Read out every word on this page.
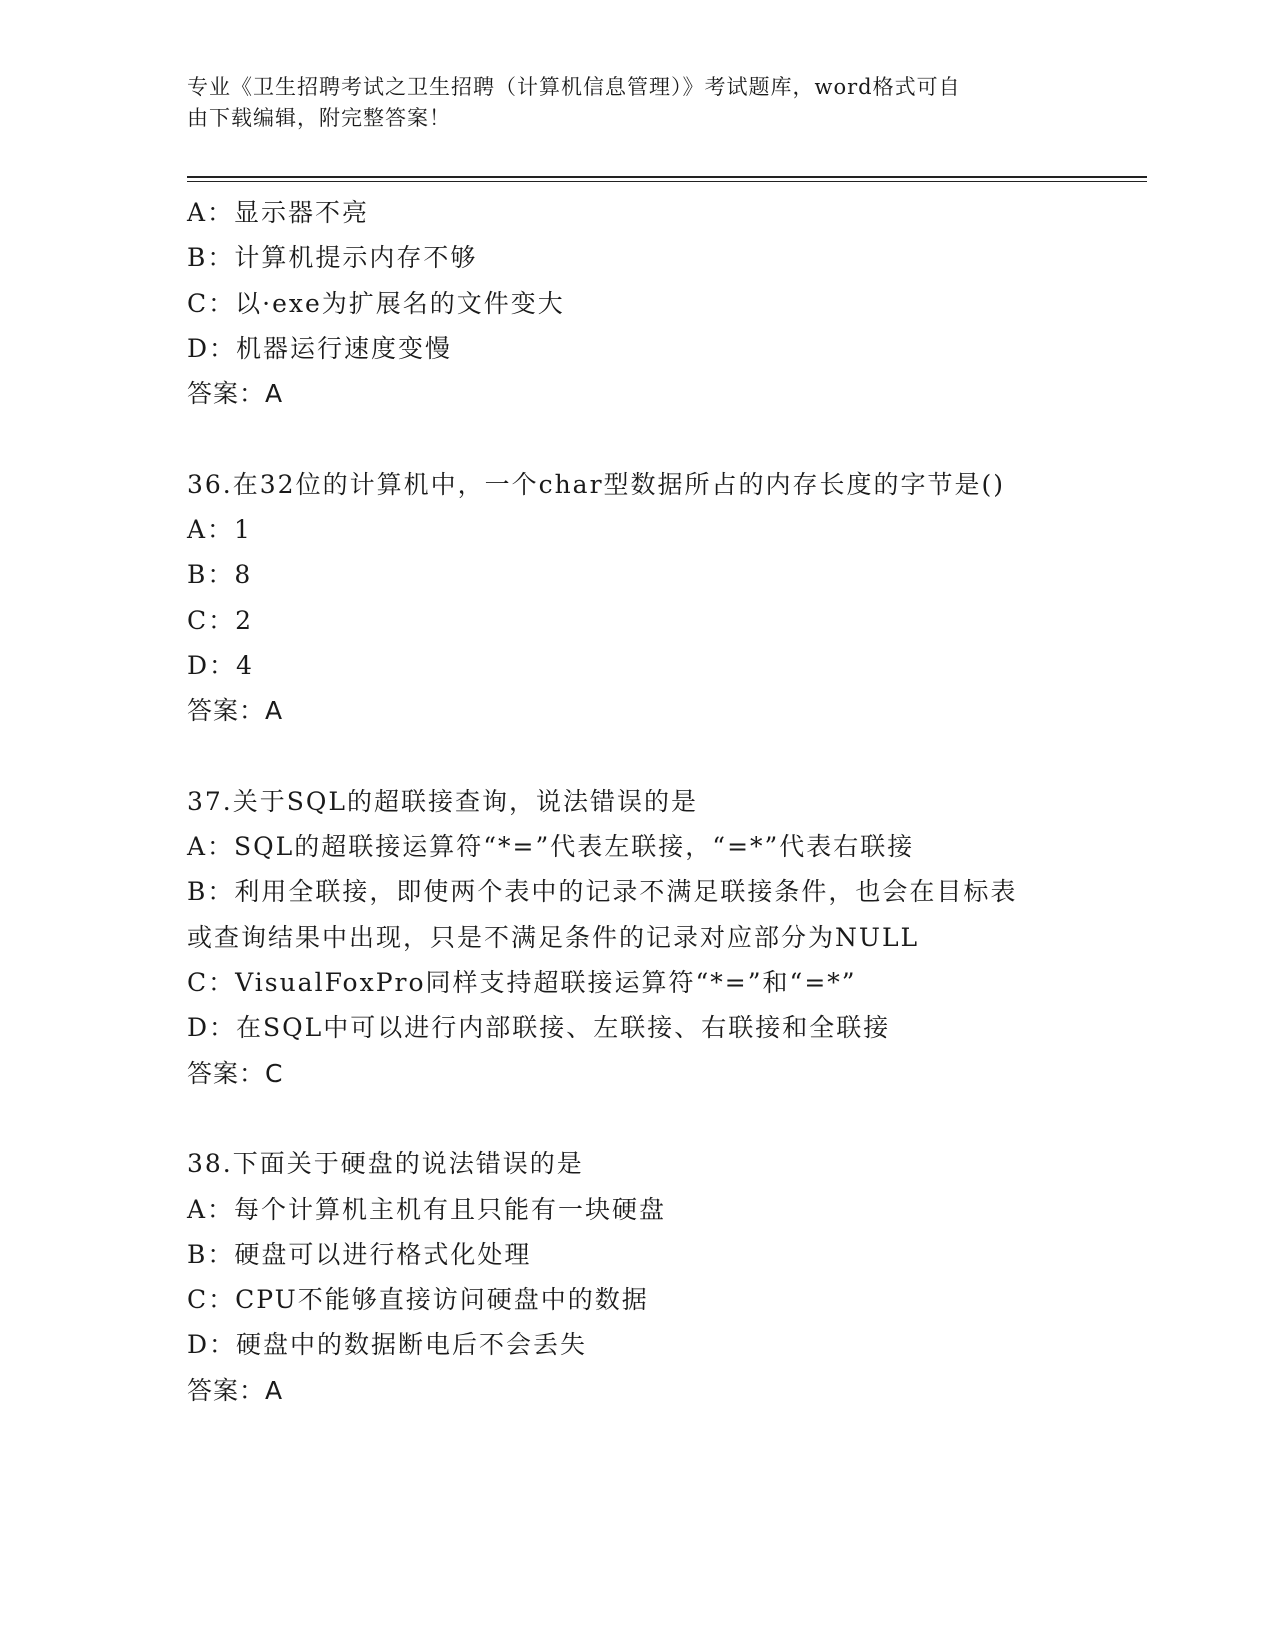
专业《卫生招聘考试之卫生招聘（计算机信息管理）》考试题库，word格式可自
由下载编辑，附完整答案！
A：显示器不亮
B：计算机提示内存不够
C：以·exe为扩展名的文件变大
D：机器运行速度变慢
答案：A
36.在32位的计算机中，一个char型数据所占的内存长度的字节是()
A：1
B：8
C：2
D：4
答案：A
37.关于SQL的超联接查询，说法错误的是
A：SQL的超联接运算符“*=”代表左联接，“=*”代表右联接
B：利用全联接，即使两个表中的记录不满足联接条件，也会在目标表
或查询结果中出现，只是不满足条件的记录对应部分为NULL
C：VisualFoxPro同样支持超联接运算符“*=”和“=*”
D：在SQL中可以进行内部联接、左联接、右联接和全联接
答案：C
38.下面关于硬盘的说法错误的是
A：每个计算机主机有且只能有一块硬盘
B：硬盘可以进行格式化处理
C：CPU不能够直接访问硬盘中的数据
D：硬盘中的数据断电后不会丢失
答案：A
